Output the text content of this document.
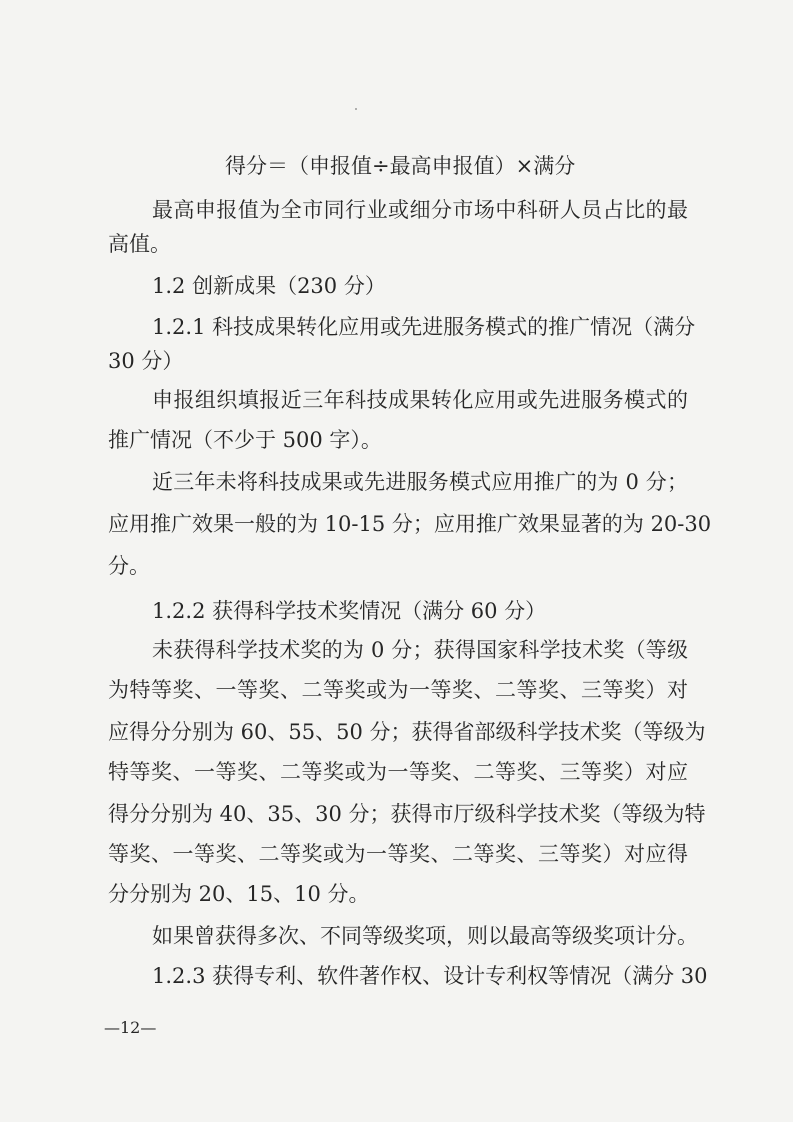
得分＝（申报值÷最高申报值）×满分
最高申报值为全市同行业或细分市场中科研人员占比的最
高值。
1.2 创新成果（230 分）
1.2.1 科技成果转化应用或先进服务模式的推广情况（满分
30 分）
申报组织填报近三年科技成果转化应用或先进服务模式的
推广情况（不少于 500 字）。
近三年未将科技成果或先进服务模式应用推广的为 0 分；
应用推广效果一般的为 10-15 分；应用推广效果显著的为 20-30
分。
1.2.2 获得科学技术奖情况（满分 60 分）
未获得科学技术奖的为 0 分；获得国家科学技术奖（等级
为特等奖、一等奖、二等奖或为一等奖、二等奖、三等奖）对
应得分分别为 60、55、50 分；获得省部级科学技术奖（等级为
特等奖、一等奖、二等奖或为一等奖、二等奖、三等奖）对应
得分分别为 40、35、30 分；获得市厅级科学技术奖（等级为特
等奖、一等奖、二等奖或为一等奖、二等奖、三等奖）对应得
分分别为 20、15、10 分。
如果曾获得多次、不同等级奖项，则以最高等级奖项计分。
1.2.3 获得专利、软件著作权、设计专利权等情况（满分 30
—12—
